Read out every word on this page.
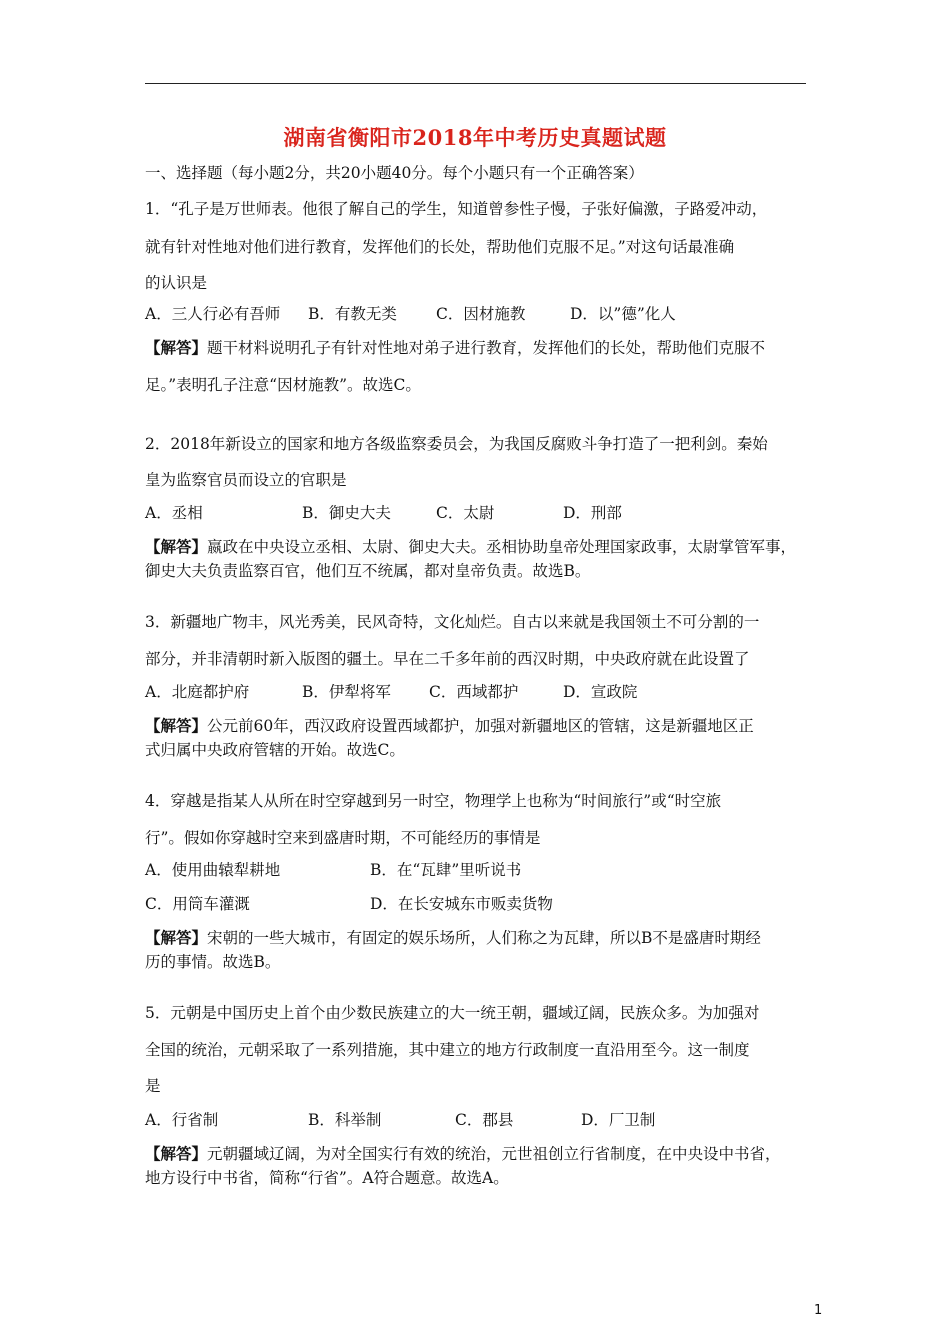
湖南省衡阳市2018年中考历史真题试题
一、选择题（每小题2分，共20小题40分。每个小题只有一个正确答案）
1．“孔子是万世师表。他很了解自己的学生，知道曾参性子慢，子张好偏激，子路爱冲动，
就有针对性地对他们进行教育，发挥他们的长处，帮助他们克服不足。”对这句话最准确
的认识是
A．三人行必有吾师 B．有教无类	C．因材施教	D．以”德”化人
【解答】题干材料说明孔子有针对性地对弟子进行教育，发挥他们的长处，帮助他们克服不
足。”表明孔子注意“因材施教”。故选C。
2．2018年新设立的国家和地方各级监察委员会，为我国反腐败斗争打造了一把利剑。秦始
皇为监察官员而设立的官职是
A．丞相	B．御史大夫	C．太尉	D．刑部
【解答】嬴政在中央设立丞相、太尉、御史大夫。丞相协助皇帝处理国家政事，太尉掌管军事，
御史大夫负责监察百官，他们互不统属，都对皇帝负责。故选B。
3．新疆地广物丰，风光秀美，民风奇特，文化灿烂。自古以来就是我国领土不可分割的一
部分，并非清朝时新入版图的疆土。早在二千多年前的西汉时期，中央政府就在此设置了
A．北庭都护府	B．伊犁将军 C．西域都护	D．宣政院
【解答】公元前60年，西汉政府设置西域都护，加强对新疆地区的管辖，这是新疆地区正
式归属中央政府管辖的开始。故选C。
4．穿越是指某人从所在时空穿越到另一时空，物理学上也称为“时间旅行”或“时空旅
行”。假如你穿越时空来到盛唐时期，不可能经历的事情是
A．使用曲辕犁耕地	B．在“瓦肆”里听说书
C．用筒车灌溉	D．在长安城东市贩卖货物
【解答】宋朝的一些大城市，有固定的娱乐场所，人们称之为瓦肆，所以B不是盛唐时期经
历的事情。故选B。
5．元朝是中国历史上首个由少数民族建立的大一统王朝，疆域辽阔，民族众多。为加强对
全国的统治，元朝采取了一系列措施，其中建立的地方行政制度一直沿用至今。这一制度
是
A．行省制	B．科举制	C．郡县	D．厂卫制
【解答】元朝疆域辽阔，为对全国实行有效的统治，元世祖创立行省制度，在中央设中书省，
地方设行中书省，简称“行省”。A符合题意。故选A。
1
